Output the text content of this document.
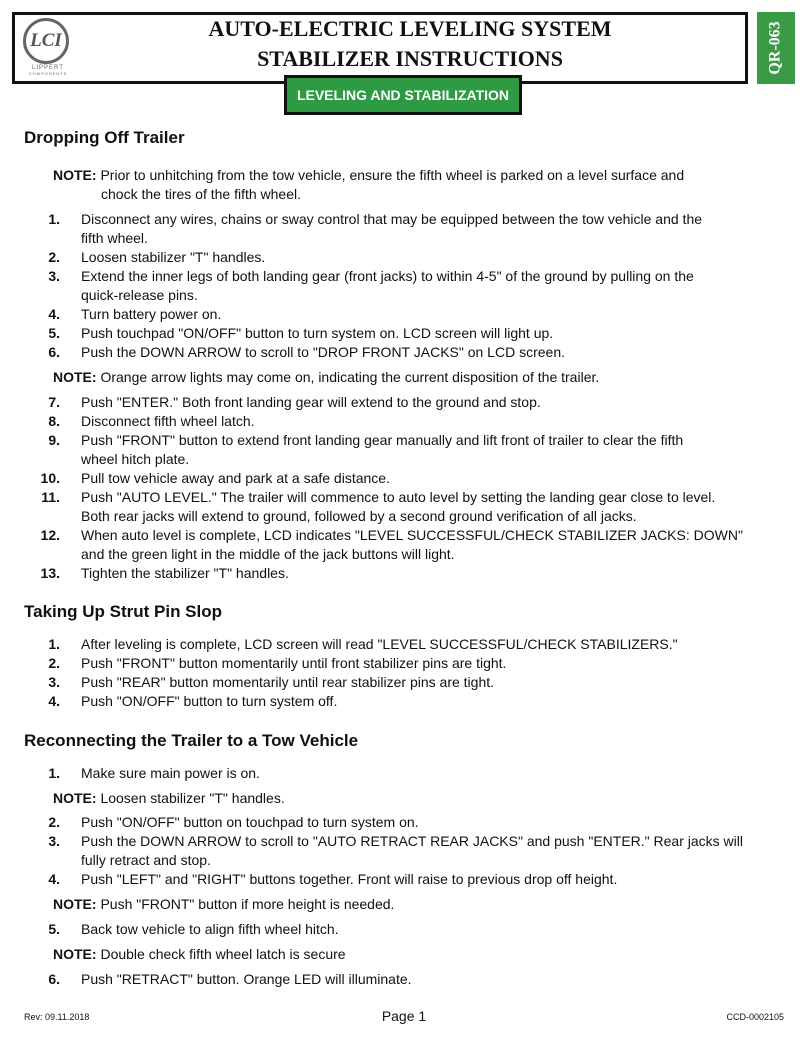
LCI
LIPPERT
COMPONENTS
AUTO-ELECTRIC LEVELING SYSTEM
STABILIZER INSTRUCTIONS	QR-063
LEVELING AND STABILIZATION
Dropping Off Trailer
NOTE: Prior to unhitching from the tow vehicle, ensure the fifth wheel is parked on a level surface and
chock the tires of the fifth wheel.
1. Disconnect any wires, chains or sway control that may be equipped between the tow vehicle and the
fifth wheel.
2. Loosen stabilizer "T" handles.
3. Extend the inner legs of both landing gear (front jacks) to within 4-5" of the ground by pulling on the
quick-release pins.
4. Turn battery power on.
5. Push touchpad "ON/OFF" button to turn system on. LCD screen will light up.
6. Push the DOWN ARROW to scroll to "DROP FRONT JACKS" on LCD screen.
NOTE: Orange arrow lights may come on, indicating the current disposition of the trailer.
7. Push "ENTER." Both front landing gear will extend to the ground and stop.
8. Disconnect fifth wheel latch.
9. Push "FRONT" button to extend front landing gear manually and lift front of trailer to clear the fifth
wheel hitch plate.
10. Pull tow vehicle away and park at a safe distance.
11. Push "AUTO LEVEL." The trailer will commence to auto level by setting the landing gear close to level.
Both rear jacks will extend to ground, followed by a second ground verification of all jacks.
12. When auto level is complete, LCD indicates "LEVEL SUCCESSFUL/CHECK STABILIZER JACKS: DOWN"
and the green light in the middle of the jack buttons will light.
13. Tighten the stabilizer "T" handles.
Taking Up Strut Pin Slop
1. After leveling is complete, LCD screen will read "LEVEL SUCCESSFUL/CHECK STABILIZERS."
2. Push "FRONT" button momentarily until front stabilizer pins are tight.
3. Push "REAR" button momentarily until rear stabilizer pins are tight.
4. Push "ON/OFF" button to turn system off.
Reconnecting the Trailer to a Tow Vehicle
1. Make sure main power is on.
NOTE: Loosen stabilizer "T" handles.
2. Push "ON/OFF" button on touchpad to turn system on.
3. Push the DOWN ARROW to scroll to "AUTO RETRACT REAR JACKS" and push "ENTER." Rear jacks will
fully retract and stop.
4. Push "LEFT" and "RIGHT" buttons together. Front will raise to previous drop off height.
NOTE: Push "FRONT" button if more height is needed.
5. Back tow vehicle to align fifth wheel hitch.
NOTE: Double check fifth wheel latch is secure
6. Push "RETRACT" button. Orange LED will illuminate.
Rev: 09.11.2018	Page 1	CCD-0002105
